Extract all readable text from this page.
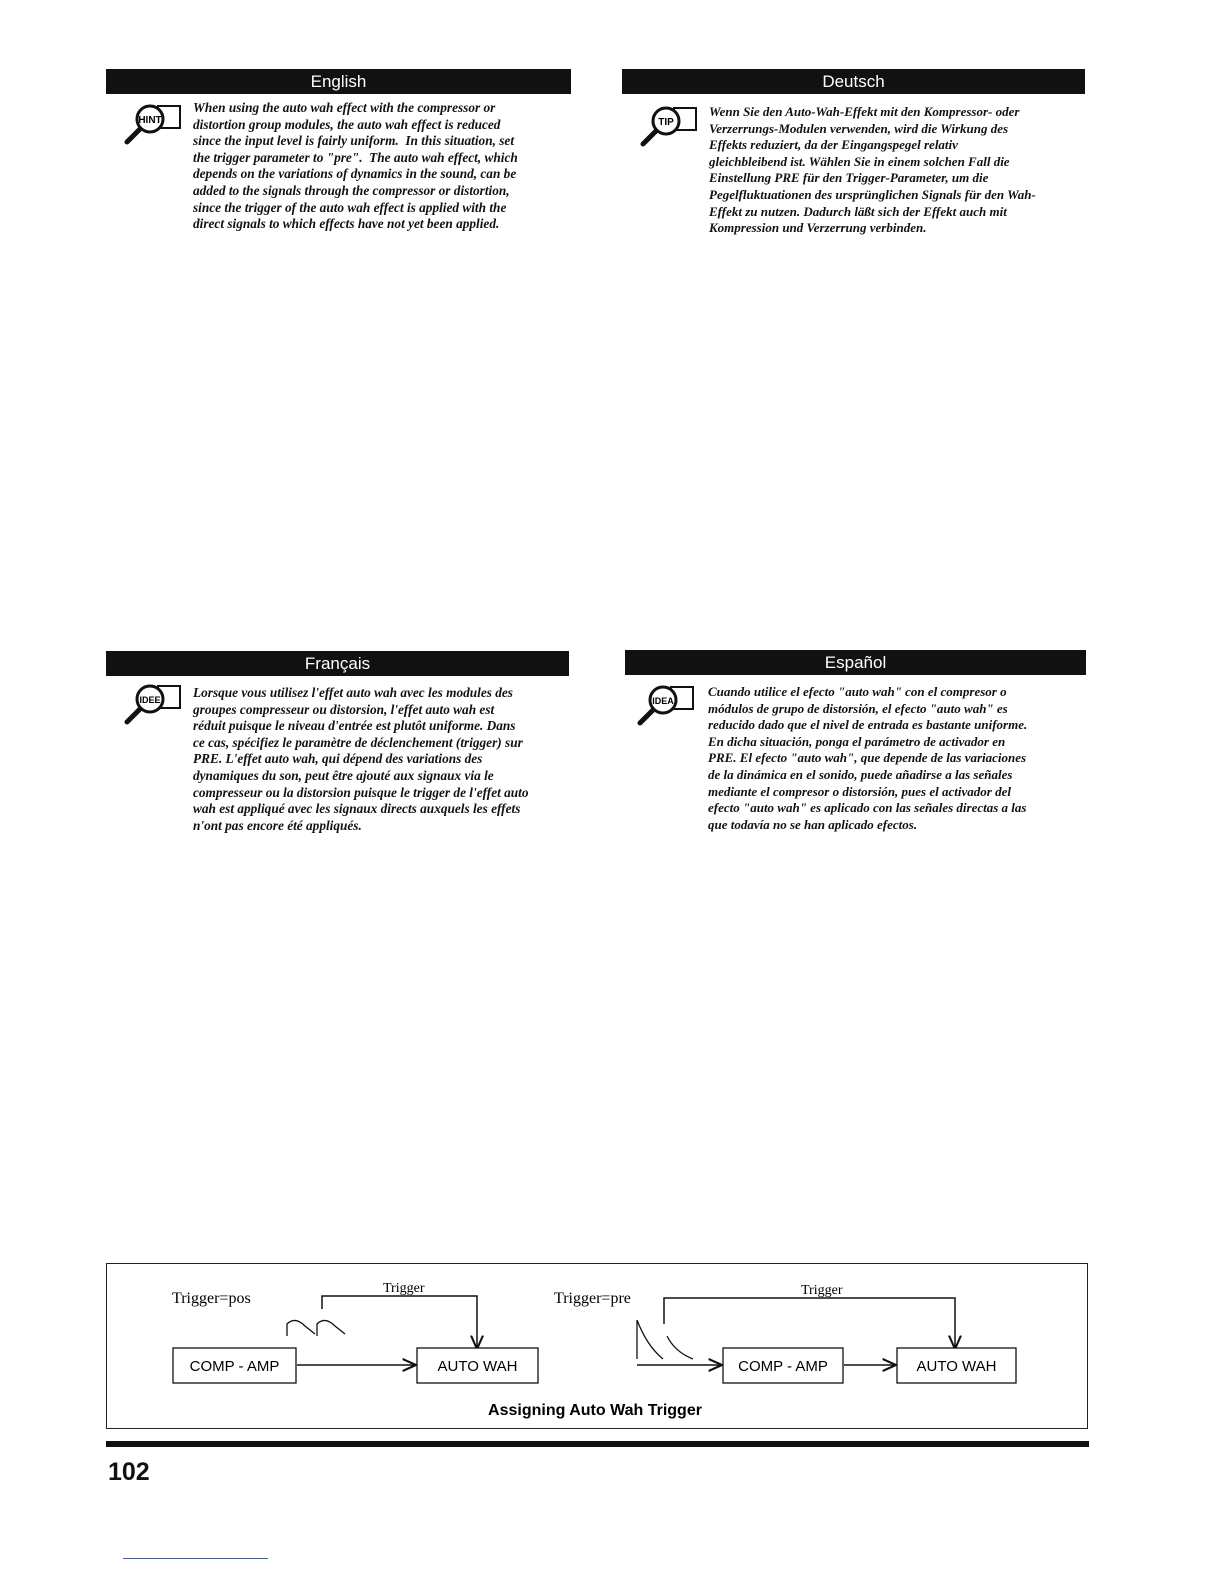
English
HINT
When using the auto wah effect with the compressor or
distortion group modules, the auto wah effect is reduced
since the input level is fairly uniform.  In this situation, set
the trigger parameter to "pre".  The auto wah effect, which
depends on the variations of dynamics in the sound, can be
added to the signals through the compressor or distortion,
since the trigger of the auto wah effect is applied with the
direct signals to which effects have not yet been applied.
Deutsch
TIP
Wenn Sie den Auto-Wah-Effekt mit den Kompressor- oder
Verzerrungs-Modulen verwenden, wird die Wirkung des
Effekts reduziert, da der Eingangspegel relativ
gleichbleibend ist. Wählen Sie in einem solchen Fall die
Einstellung PRE für den Trigger-Parameter, um die
Pegelfluktuationen des ursprünglichen Signals für den Wah-
Effekt zu nutzen. Dadurch läßt sich der Effekt auch mit
Kompression und Verzerrung verbinden.
Français
IDEE Lorsque vous utilisez l'effet auto wah avec les modules des
groupes compresseur ou distorsion, l'effet auto wah est
réduit puisque le niveau d'entrée est plutôt uniforme. Dans
ce cas, spécifiez le paramètre de déclenchement (trigger) sur
PRE. L'effet auto wah, qui dépend des variations des
dynamiques du son, peut être ajouté aux signaux via le
compresseur ou la distorsion puisque le trigger de l'effet auto
wah est appliqué avec les signaux directs auxquels les effets
n'ont pas encore été appliqués.
Español
IDEA
Cuando utilice el efecto "auto wah" con el compresor o
módulos de grupo de distorsión, el efecto "auto wah" es
reducido dado que el nivel de entrada es bastante uniforme.
En dicha situación, ponga el parámetro de activador en
PRE. El efecto "auto wah", que depende de las variaciones
de la dinámica en el sonido, puede añadirse a las señales
mediante el compresor o distorsión, pues el activador del
efecto "auto wah" es aplicado con las señales directas a las
que todavía no se han aplicado efectos.
Trigger=pos
Trigger
COMP - AMP	AUTO WAH
Trigger=pre	Trigger
COMP - AMP	AUTO WAH
Assigning Auto Wah Trigger
102
